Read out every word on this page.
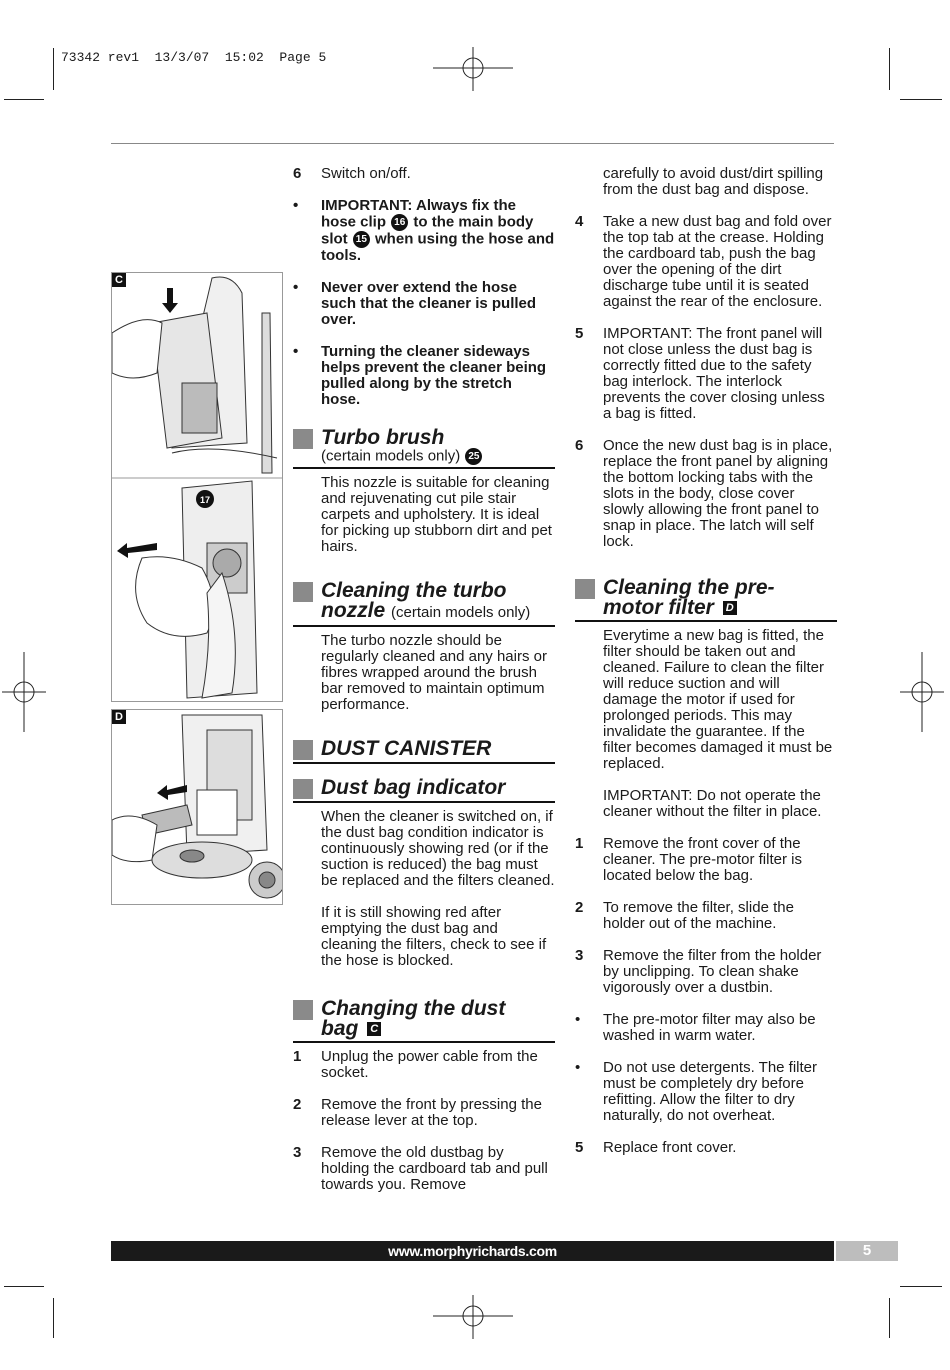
73342 rev1  13/3/07  15:02  Page 5
C
17
D
6	Switch on/off.
•	IMPORTANT: Always fix the hose clip 16 to the main body slot 15 when using the hose and tools.
•	Never over extend the hose such that the cleaner is pulled over.
•	Turning the cleaner sideways helps prevent the cleaner being pulled along by the stretch hose.
Turbo brush
(certain models only) 25
This nozzle is suitable for cleaning and rejuvenating cut pile stair carpets and upholstery. It is ideal for picking up stubborn dirt and pet hairs.
Cleaning the turbo
nozzle (certain models only)
The turbo nozzle should be regularly cleaned and any hairs or fibres wrapped around the brush bar removed to maintain optimum performance.
DUST CANISTER
Dust bag indicator
When the cleaner is switched on, if the dust bag condition indicator is continuously showing red (or if the suction is reduced) the bag must be replaced and the filters cleaned.
If it is still showing red after emptying the dust bag and cleaning the filters, check to see if the hose is blocked.
Changing the dust
bag C
1	Unplug the power cable from the socket.
2	Remove the front by pressing the release lever at the top.
3	Remove the old dustbag by holding the cardboard tab and pull towards you. Remove
carefully to avoid dust/dirt spilling from the dust bag and dispose.
4	Take a new dust bag and fold over the top tab at the crease. Holding the cardboard tab, push the bag over the opening of the dirt discharge tube until it is seated against the rear of the enclosure.
5	IMPORTANT: The front panel will not close unless the dust bag is correctly fitted due to the safety bag interlock. The interlock prevents the cover closing unless a bag is fitted.
6	Once the new dust bag is in place, replace the front panel by aligning the bottom locking tabs with the slots in the body, close cover slowly allowing the front panel to snap in place. The latch will self lock.
Cleaning the pre-
motor filter D
Everytime a new bag is fitted, the filter should be taken out and cleaned. Failure to clean the filter will reduce suction and will damage the motor if used for prolonged periods. This may invalidate the guarantee. If the filter becomes damaged it must be replaced.
IMPORTANT: Do not operate the cleaner without the filter in place.
1	Remove the front cover of the cleaner. The pre-motor filter is located below the bag.
2	To remove the filter, slide the holder out of the machine.
3	Remove the filter from the holder by unclipping. To clean shake vigorously over a dustbin.
•	The pre-motor filter may also be washed in warm water.
•	Do not use detergents. The filter must be completely dry before refitting. Allow the filter to dry naturally, do not overheat.
5	Replace front cover.
www.morphyrichards.com	5
